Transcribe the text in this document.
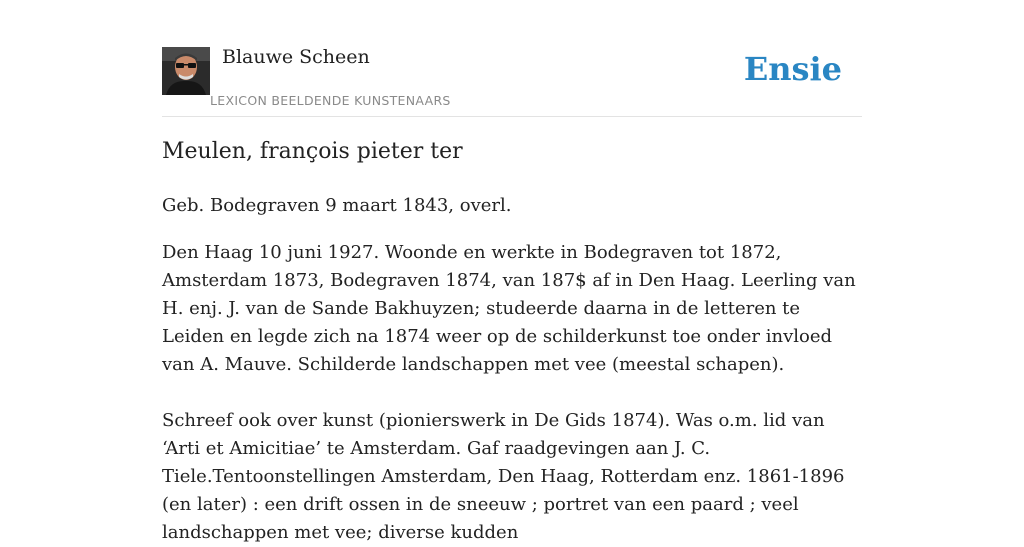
Blauwe Scheen
LEXICON BEELDENDE KUNSTENAARS
Ensie
Meulen, françois pieter ter

Geb. Bodegraven 9 maart 1843, overl.

Den Haag 10 juni 1927. Woonde en werkte in Bodegraven tot 1872, Amsterdam 1873, Bodegraven 1874, van 187$ af in Den Haag. Leerling van H. enj. J. van de Sande Bakhuyzen; studeerde daarna in de letteren te Leiden en legde zich na 1874 weer op de schilderkunst toe onder invloed van A. Mauve. Schilderde landschappen met vee (meestal schapen).

Schreef ook over kunst (pionierswerk in De Gids 1874). Was o.m. lid van ‘Arti et Amicitiae’ te Amsterdam. Gaf raadgevingen aan J. C. Tiele.Tentoonstellingen Amsterdam, Den Haag, Rotterdam enz. 1861-1896 (en later) : een drift ossen in de sneeuw ; portret van een paard ; veel landschappen met vee; diverse kudden
